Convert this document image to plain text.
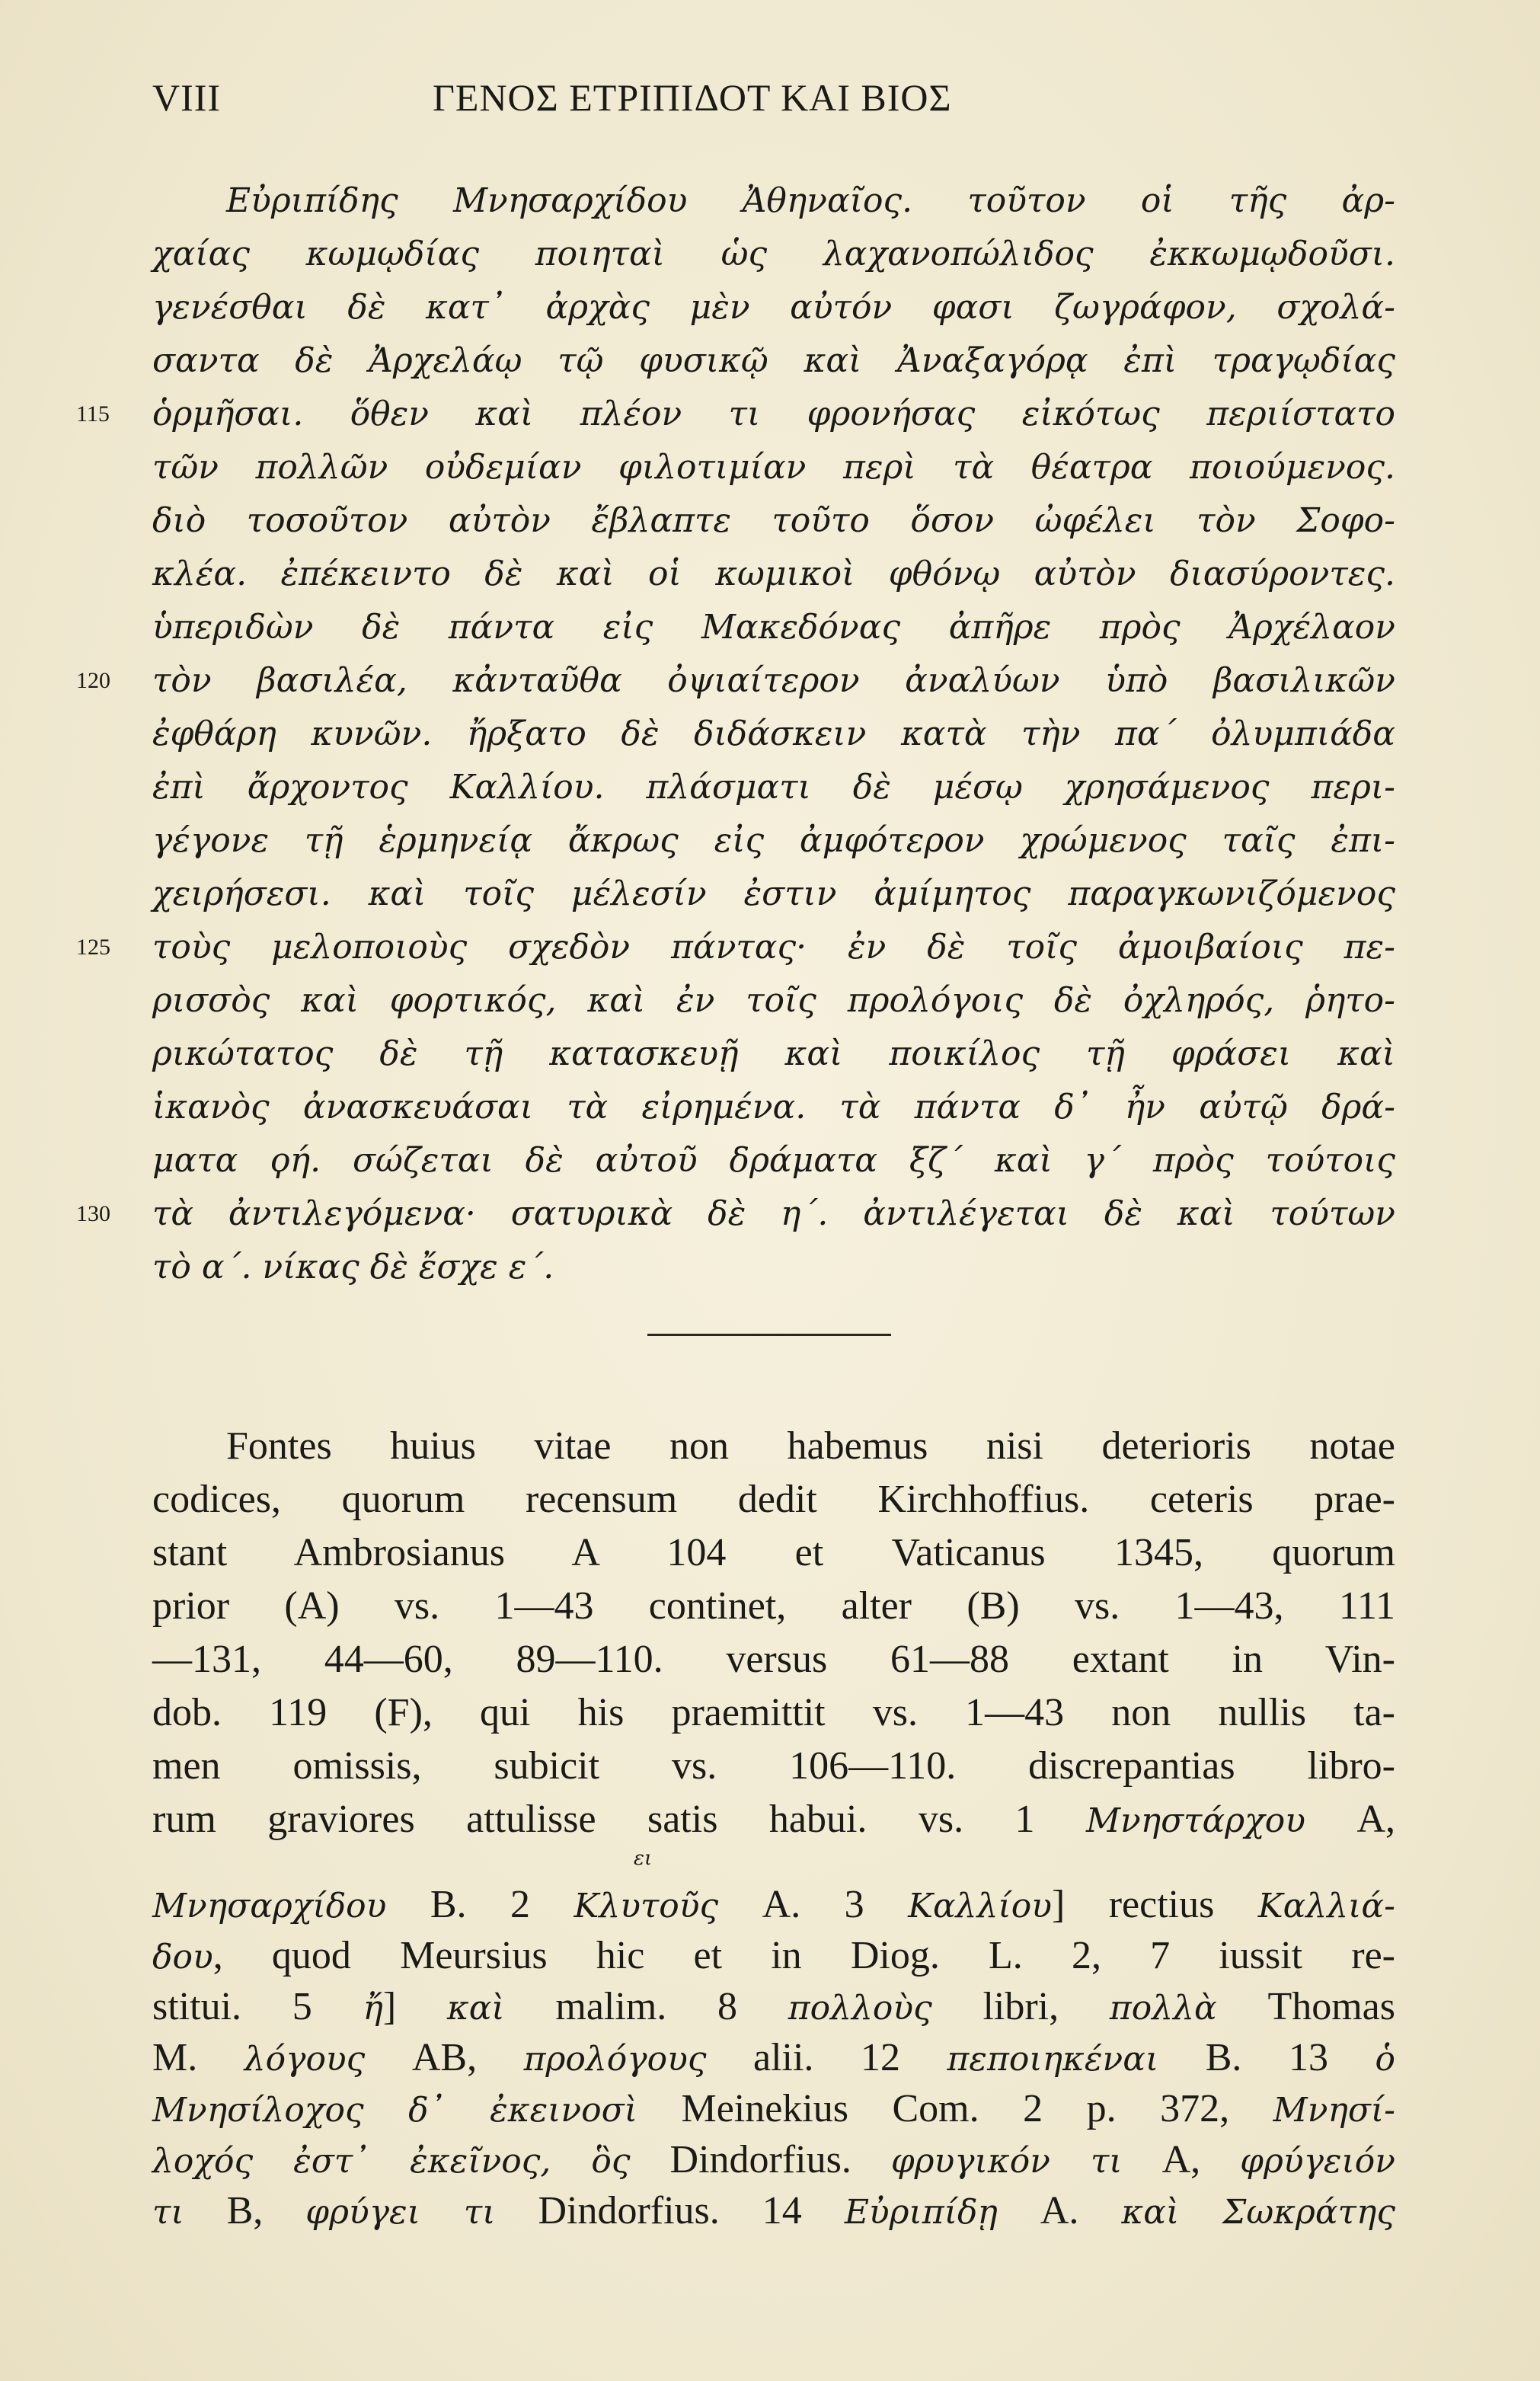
VIII	ΓΕΝΟΣ ΕΤΡΙΠΙΔΟΤ ΚΑΙ ΒΙΟΣ
Εὐριπίδης Μνησαρχίδου Ἀθηναῖος. τοῦτον οἱ τῆς ἀρ-
χαίας κωμῳδίας ποιηταὶ ὡς λαχανοπώλιδος ἐκκωμῳδοῦσι.
γενέσθαι δὲ κατ᾽ ἀρχὰς μὲν αὐτόν φασι ζωγράφον, σχολά-
σαντα δὲ Ἀρχελάῳ τῷ φυσικῷ καὶ Ἀναξαγόρᾳ ἐπὶ τραγῳδίας
ὁρμῆσαι. ὅθεν καὶ πλέον τι φρονήσας εἰκότως περιίστατο
τῶν πολλῶν οὐδεμίαν φιλοτιμίαν περὶ τὰ θέατρα ποιούμενος.
διὸ τοσοῦτον αὐτὸν ἔβλαπτε τοῦτο ὅσον ὠφέλει τὸν Σοφο-
κλέα. ἐπέκειντο δὲ καὶ οἱ κωμικοὶ φθόνῳ αὐτὸν διασύροντες.
ὑπεριδὼν δὲ πάντα εἰς Μακεδόνας ἀπῆρε πρὸς Ἀρχέλαον
τὸν βασιλέα, κἀνταῦθα ὀψιαίτερον ἀναλύων ὑπὸ βασιλικῶν
ἐφθάρη κυνῶν. ἤρξατο δὲ διδάσκειν κατὰ τὴν πα΄ ὀλυμπιάδα
ἐπὶ ἄρχοντος Καλλίου. πλάσματι δὲ μέσῳ χρησάμενος περι-
γέγονε τῇ ἑρμηνείᾳ ἄκρως εἰς ἀμφότερον χρώμενος ταῖς ἐπι-
χειρήσεσι. καὶ τοῖς μέλεσίν ἐστιν ἀμίμητος παραγκωνιζόμενος
τοὺς μελοποιοὺς σχεδὸν πάντας· ἐν δὲ τοῖς ἀμοιβαίοις πε-
ρισσὸς καὶ φορτικός, καὶ ἐν τοῖς προλόγοις δὲ ὀχληρός, ῥητο-
ρικώτατος δὲ τῇ κατασκευῇ καὶ ποικίλος τῇ φράσει καὶ
ἱκανὸς ἀνασκευάσαι τὰ εἰρημένα. τὰ πάντα δ᾽ ἦν αὐτῷ δρά-
ματα ϙή. σώζεται δὲ αὐτοῦ δράματα ξζ΄ καὶ γ΄ πρὸς τούτοις
τὰ ἀντιλεγόμενα· σατυρικὰ δὲ η΄. ἀντιλέγεται δὲ καὶ τούτων
τὸ α΄. νίκας δὲ ἔσχε ε΄.
115
120
125
130
Fontes huius vitae non habemus nisi deterioris notae
codices, quorum recensum dedit Kirchhoffius. ceteris prae-
stant Ambrosianus A 104 et Vaticanus 1345, quorum
prior (A) vs. 1—43 continet, alter (B) vs. 1—43, 111
—131, 44—60, 89—110. versus 61—88 extant in Vin-
dob. 119 (F), qui his praemittit vs. 1—43 non nullis ta-
men omissis, subicit vs. 106—110. discrepantias libro-
rum graviores attulisse satis habui. vs. 1 Μνηστάρχου A,
Μνησαρχίδου B. 2 Κλυτοῦς A. 3 Καλλίου] rectius Καλλιά-
δου, quod Meursius hic et in Diog. L. 2, 7 iussit re-
stitui. 5 ἤ] καὶ malim. 8 πολλοὺς libri, πολλὰ Thomas
M. λόγους AB, προλόγους alii. 12 πεποιηκέναι B. 13 ὁ
Μνησίλοχος δ᾽ ἐκεινοσὶ Meinekius Com. 2 p. 372, Μνησί-
λοχός ἐστ᾽ ἐκεῖνος, ὃς Dindorfius. φρυγικόν τι A, φρύγειόν
τι B, φρύγει τι Dindorfius. 14 Εὐριπίδῃ A. καὶ Σωκράτης
ει
